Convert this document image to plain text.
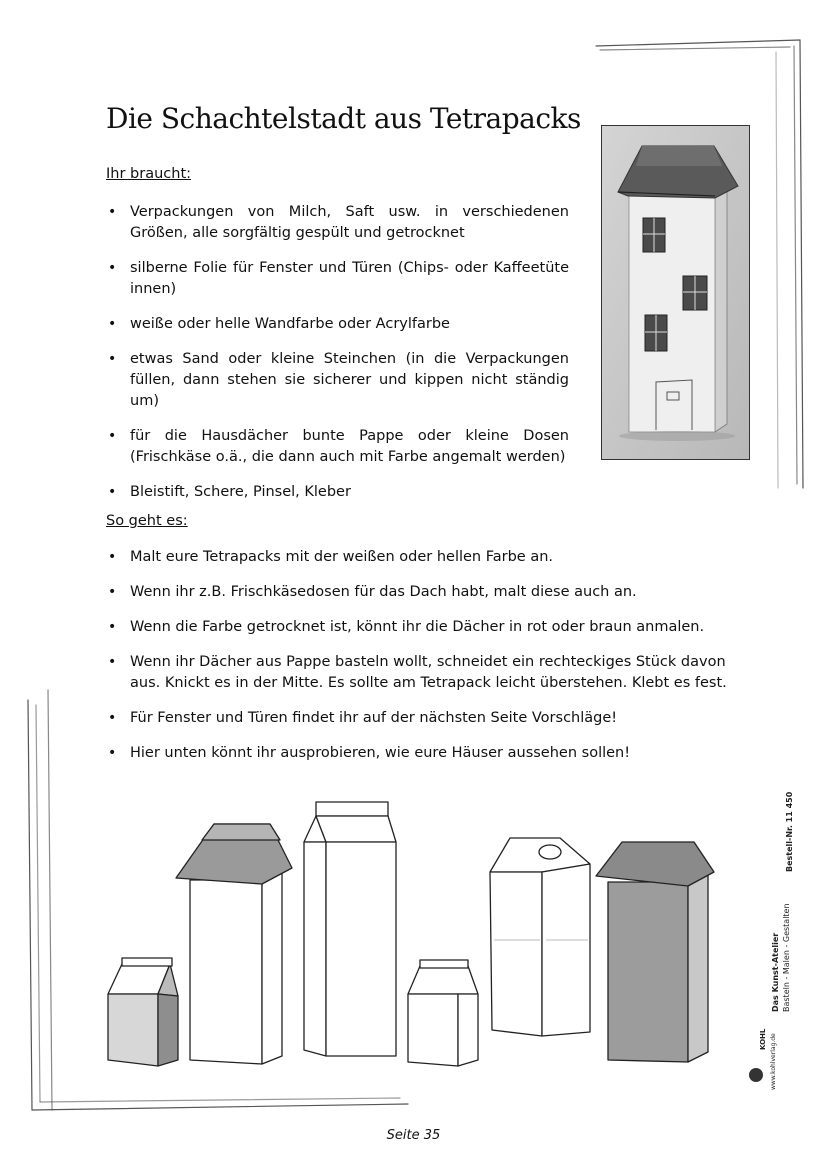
Die Schachtelstadt aus Tetrapacks
Ihr braucht:
• Verpackungen von Milch, Saft usw. in verschiedenen Größen, alle sorgfältig gespült und getrocknet
• silberne Folie für Fenster und Türen (Chips- oder Kaffeetüte innen)
• weiße oder helle Wandfarbe oder Acrylfarbe
• etwas Sand oder kleine Steinchen (in die Verpackungen füllen, dann stehen sie sicherer und kippen nicht ständig um)
• für die Hausdächer bunte Pappe oder kleine Dosen (Frischkäse o.ä., die dann auch mit Farbe angemalt werden)
• Bleistift, Schere, Pinsel, Kleber
So geht es:
• Malt eure Tetrapacks mit der weißen oder hellen Farbe an.
• Wenn ihr z.B. Frischkäsedosen für das Dach habt, malt diese auch an.
• Wenn die Farbe getrocknet ist, könnt ihr die Dächer in rot oder braun anmalen.
• Wenn ihr Dächer aus Pappe basteln wollt, schneidet ein rechteckiges Stück davon aus. Knickt es in der Mitte. Es sollte am Tetrapack leicht überstehen. Klebt es fest.
• Für Fenster und Türen findet ihr auf der nächsten Seite Vorschläge!
• Hier unten könnt ihr ausprobieren, wie eure Häuser aussehen sollen!
Bestell-Nr. 11 450
Das Kunst-Atelier Basteln - Malen - Gestalten
KOHL www.kohlverlag.de
Seite 35
